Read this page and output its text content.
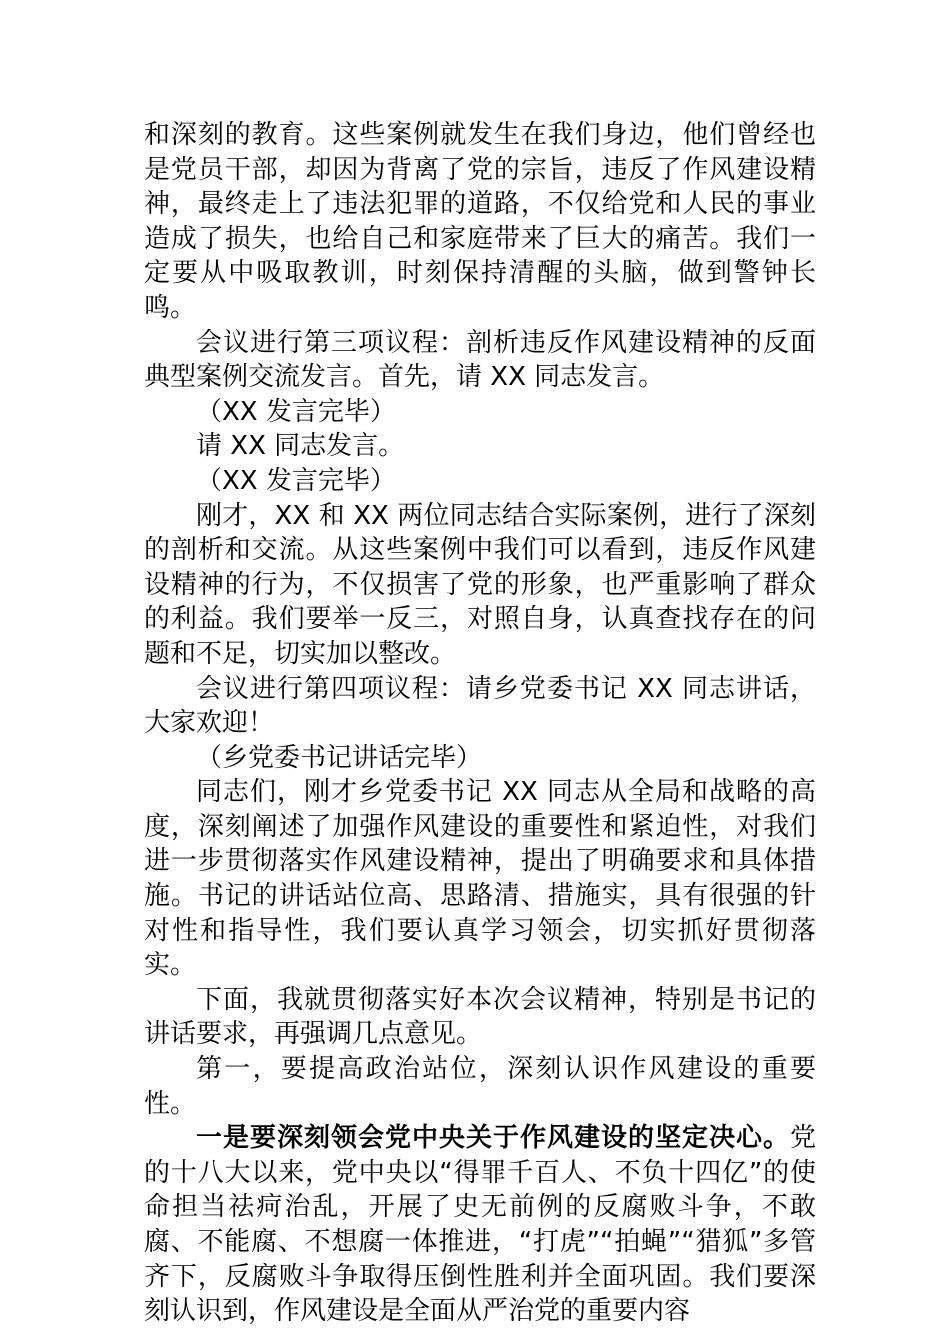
和深刻的教育。这些案例就发生在我们身边，他们曾经也是党员干部，却因为背离了党的宗旨，违反了作风建设精神，最终走上了违法犯罪的道路，不仅给党和人民的事业造成了损失，也给自己和家庭带来了巨大的痛苦。我们一定要从中吸取教训，时刻保持清醒的头脑，做到警钟长鸣。

会议进行第三项议程：剖析违反作风建设精神的反面典型案例交流发言。首先，请 XX 同志发言。

（XX 发言完毕）

请 XX 同志发言。

（XX 发言完毕）

刚才，XX 和 XX 两位同志结合实际案例，进行了深刻的剖析和交流。从这些案例中我们可以看到，违反作风建设精神的行为，不仅损害了党的形象，也严重影响了群众的利益。我们要举一反三，对照自身，认真查找存在的问题和不足，切实加以整改。

会议进行第四项议程：请乡党委书记 XX 同志讲话，大家欢迎！

（乡党委书记讲话完毕）

同志们，刚才乡党委书记 XX 同志从全局和战略的高度，深刻阐述了加强作风建设的重要性和紧迫性，对我们进一步贯彻落实作风建设精神，提出了明确要求和具体措施。书记的讲话站位高、思路清、措施实，具有很强的针对性和指导性，我们要认真学习领会，切实抓好贯彻落实。

下面，我就贯彻落实好本次会议精神，特别是书记的讲话要求，再强调几点意见。

第一，要提高政治站位，深刻认识作风建设的重要性。

一是要深刻领会党中央关于作风建设的坚定决心。党的十八大以来，党中央以“得罪千百人、不负十四亿”的使命担当祛疴治乱，开展了史无前例的反腐败斗争，不敢腐、不能腐、不想腐一体推进，“打虎”“拍蝇”“猎狐”多管齐下，反腐败斗争取得压倒性胜利并全面巩固。我们要深刻认识到，作风建设是全面从严治党的重要内容
